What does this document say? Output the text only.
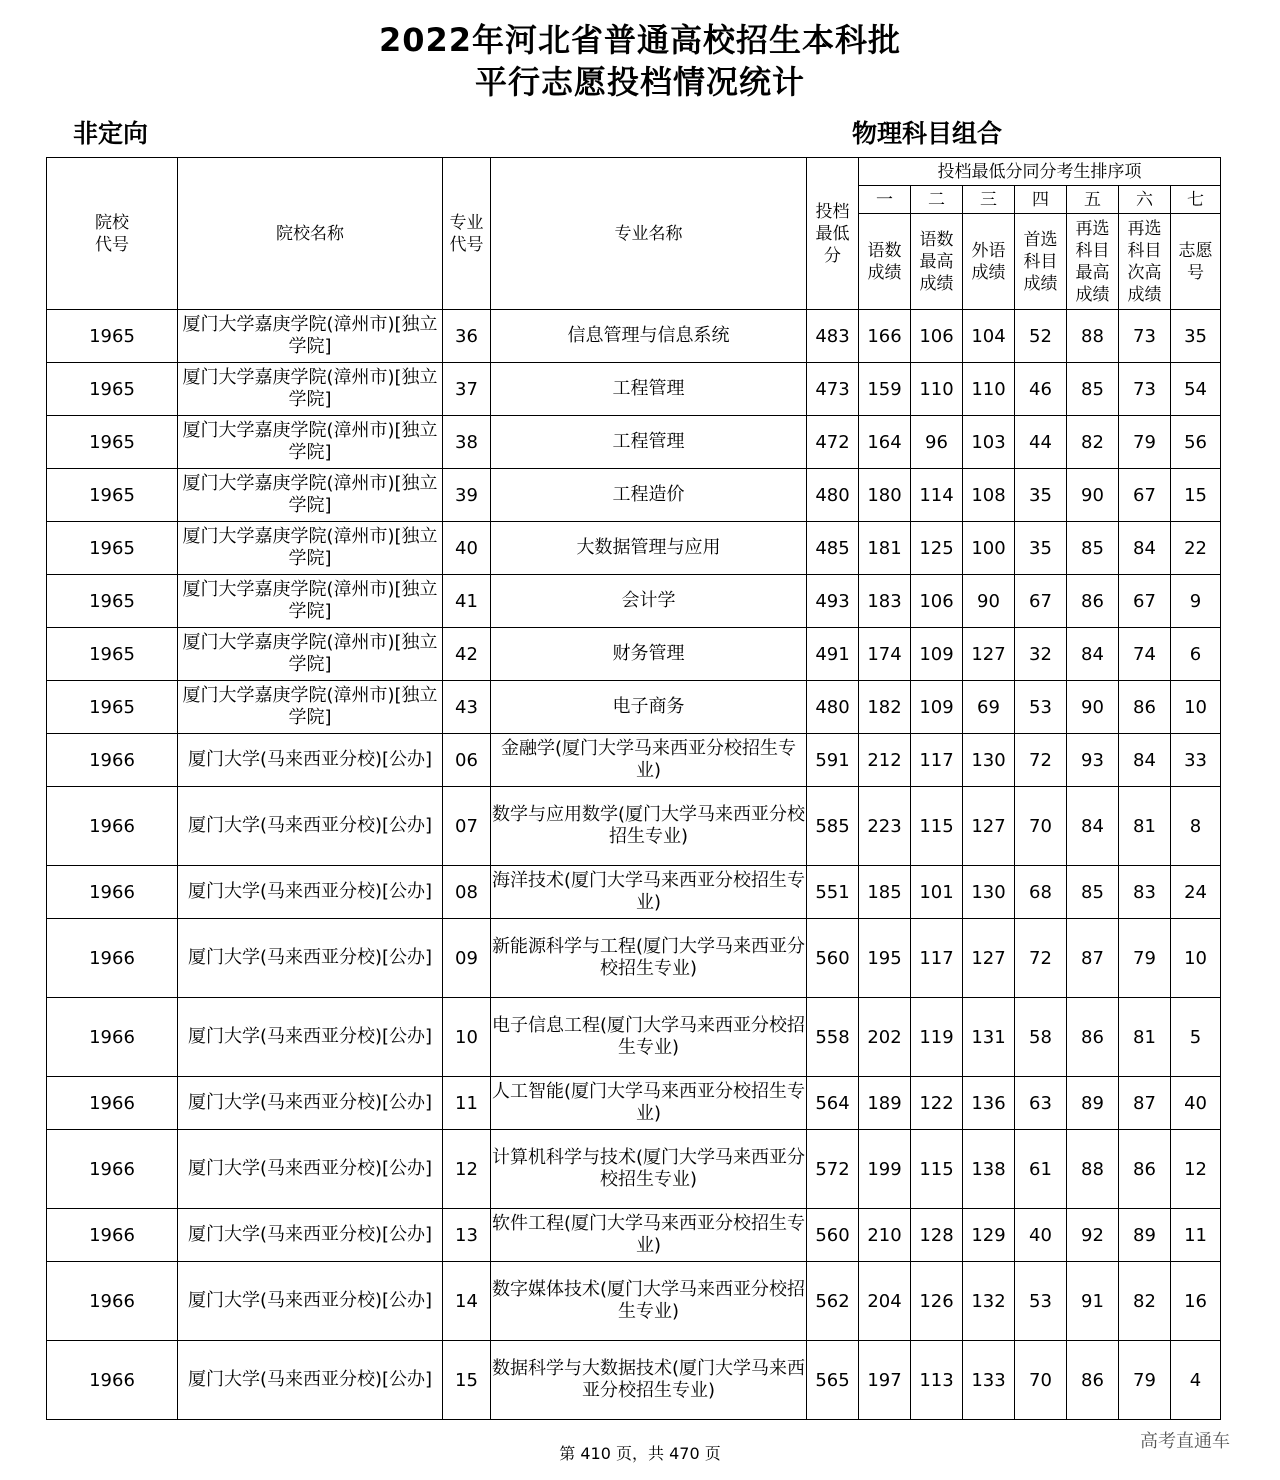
2022年河北省普通高校招生本科批
平行志愿投档情况统计
非定向	物理科目组合
院校代号	院校名称	专业代号	专业名称	投档最低分	投档最低分同分考生排序项						
					一	二	三	四	五	六	七
					语数成绩	语数最高成绩	外语成绩	首选科目成绩	再选科目最高成绩	再选科目次高成绩	志愿号
1965	厦门大学嘉庚学院(漳州市)[独立学院]	36	信息管理与信息系统	483	166	106	104	52	88	73	35
1965	厦门大学嘉庚学院(漳州市)[独立学院]	37	工程管理	473	159	110	110	46	85	73	54
1965	厦门大学嘉庚学院(漳州市)[独立学院]	38	工程管理	472	164	96	103	44	82	79	56
1965	厦门大学嘉庚学院(漳州市)[独立学院]	39	工程造价	480	180	114	108	35	90	67	15
1965	厦门大学嘉庚学院(漳州市)[独立学院]	40	大数据管理与应用	485	181	125	100	35	85	84	22
1965	厦门大学嘉庚学院(漳州市)[独立学院]	41	会计学	493	183	106	90	67	86	67	9
1965	厦门大学嘉庚学院(漳州市)[独立学院]	42	财务管理	491	174	109	127	32	84	74	6
1965	厦门大学嘉庚学院(漳州市)[独立学院]	43	电子商务	480	182	109	69	53	90	86	10
1966	厦门大学(马来西亚分校)[公办]	06	金融学(厦门大学马来西亚分校招生专业)	591	212	117	130	72	93	84	33
1966	厦门大学(马来西亚分校)[公办]	07	数学与应用数学(厦门大学马来西亚分校招生专业)	585	223	115	127	70	84	81	8
1966	厦门大学(马来西亚分校)[公办]	08	海洋技术(厦门大学马来西亚分校招生专业)	551	185	101	130	68	85	83	24
1966	厦门大学(马来西亚分校)[公办]	09	新能源科学与工程(厦门大学马来西亚分校招生专业)	560	195	117	127	72	87	79	10
1966	厦门大学(马来西亚分校)[公办]	10	电子信息工程(厦门大学马来西亚分校招生专业)	558	202	119	131	58	86	81	5
1966	厦门大学(马来西亚分校)[公办]	11	人工智能(厦门大学马来西亚分校招生专业)	564	189	122	136	63	89	87	40
1966	厦门大学(马来西亚分校)[公办]	12	计算机科学与技术(厦门大学马来西亚分校招生专业)	572	199	115	138	61	88	86	12
1966	厦门大学(马来西亚分校)[公办]	13	软件工程(厦门大学马来西亚分校招生专业)	560	210	128	129	40	92	89	11
1966	厦门大学(马来西亚分校)[公办]	14	数字媒体技术(厦门大学马来西亚分校招生专业)	562	204	126	132	53	91	82	16
1966	厦门大学(马来西亚分校)[公办]	15	数据科学与大数据技术(厦门大学马来西亚分校招生专业)	565	197	113	133	70	86	79	4
第 410 页，共 470 页
高考直通车
